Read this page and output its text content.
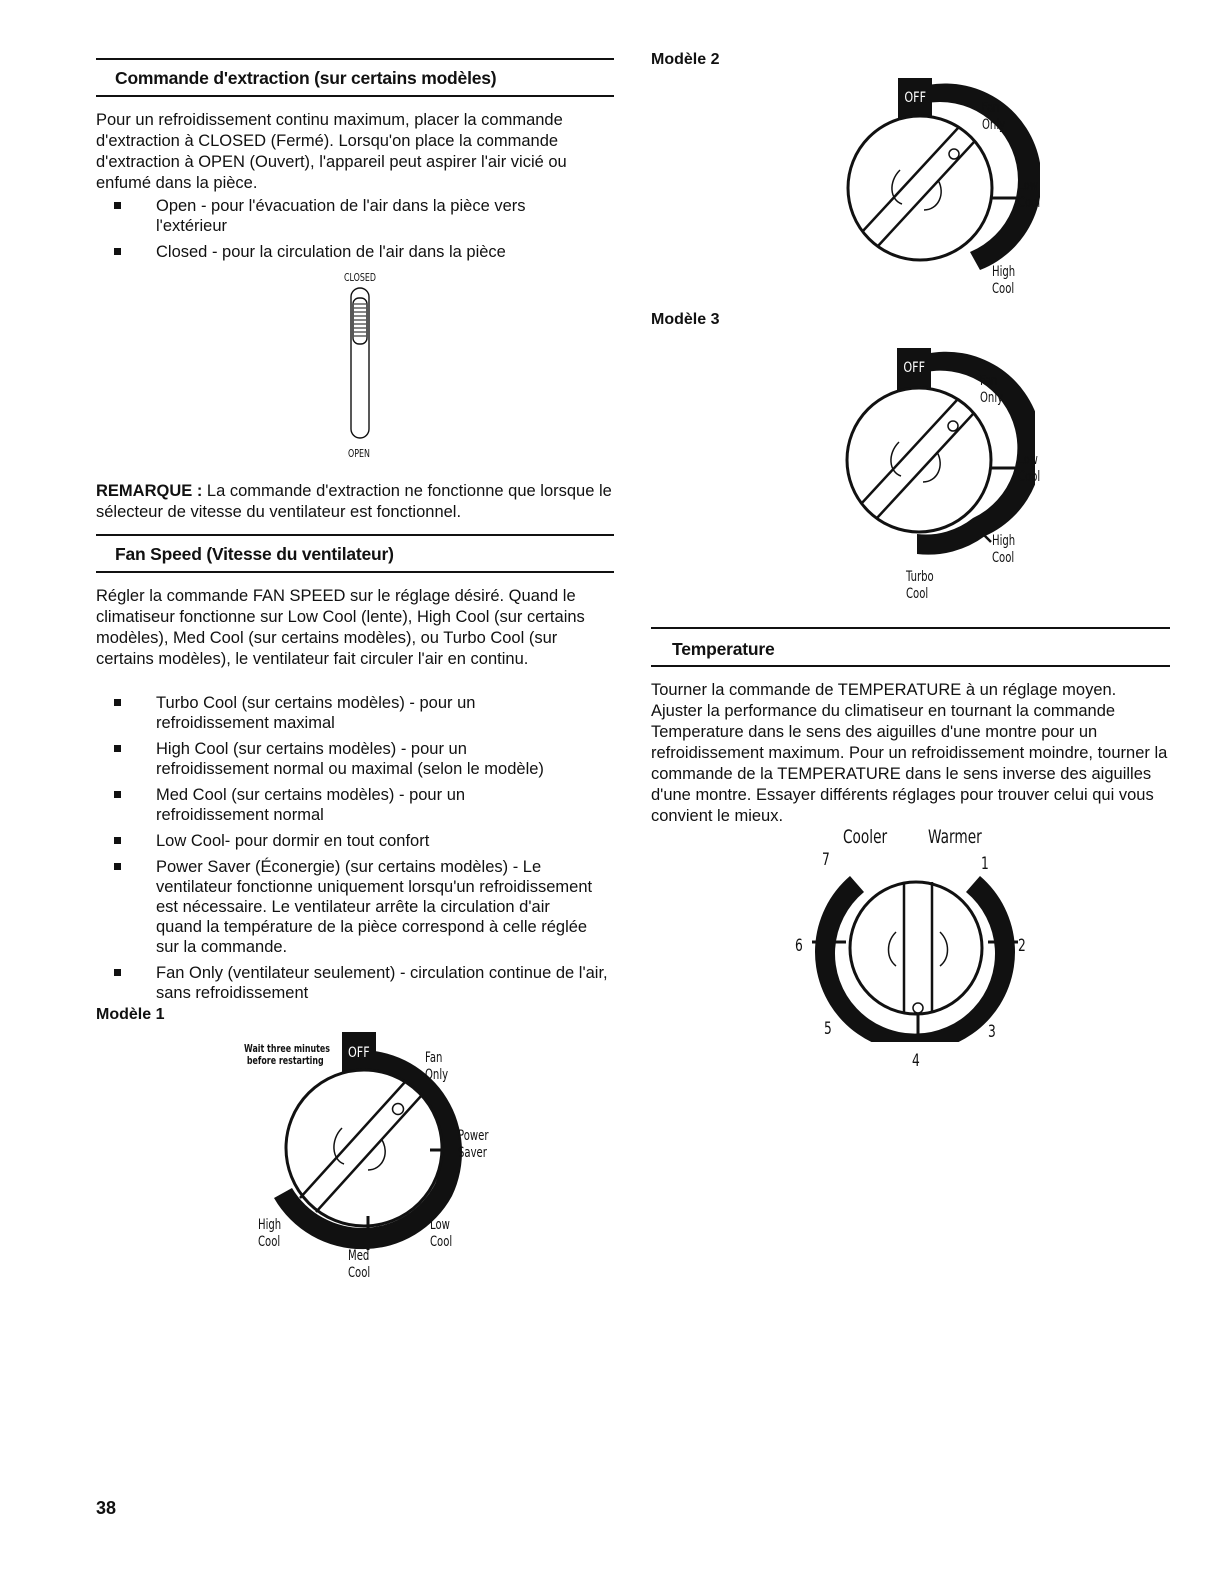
Commande d'extraction (sur certains modèles)

Pour un refroidissement continu maximum, placer la commande d'extraction à CLOSED (Fermé). Lorsqu'on place la commande d'extraction à OPEN (Ouvert), l'appareil peut aspirer l'air vicié ou enfumé dans la pièce.

Open - pour l'évacuation de l'air dans la pièce vers l'extérieur
Closed - pour la circulation de l'air dans la pièce
CLOSED
OPEN

REMARQUE : La commande d'extraction ne fonctionne que lorsque le sélecteur de vitesse du ventilateur est fonctionnel.

Fan Speed (Vitesse du ventilateur)

Régler la commande FAN SPEED sur le réglage désiré. Quand le climatiseur fonctionne sur Low Cool (lente), High Cool (sur certains modèles), Med Cool (sur certains modèles), ou Turbo Cool (sur certains modèles), le ventilateur fait circuler l'air en continu.

Turbo Cool (sur certains modèles) - pour un refroidissement maximal
High Cool (sur certains modèles) - pour un refroidissement normal ou maximal (selon le modèle)
Med Cool (sur certains modèles) - pour un refroidissement normal
Low Cool- pour dormir en tout confort
Power Saver (Éconergie) (sur certains modèles) - Le ventilateur fonctionne uniquement lorsqu'un refroidissement est nécessaire. Le ventilateur arrête la circulation d'air quand la température de la pièce correspond à celle réglée sur la commande.
Fan Only (ventilateur seulement) - circulation continue de l'air, sans refroidissement
Modèle 1
OFF
Wait three minutes
before restarting	Fan
Only
Power
Saver
Low
Cool
Med
Cool
High
Cool
38
Modèle 2
OFF
Fan
Only
Low
Cool
High
Cool
Modèle 3
OFF
Fan
Only
Low
Cool
High
Cool
Turbo
Cool
Temperature

Tourner la commande de TEMPERATURE à un réglage moyen. Ajuster la performance du climatiseur en tournant la commande Temperature dans le sens des aiguilles d'une montre pour un refroidissement maximum. Pour un refroidissement moindre, tourner la commande de la TEMPERATURE dans le sens inverse des aiguilles d'une montre. Essayer différents réglages pour trouver celui qui vous convient le mieux.

Cooler Warmer
7	1
6	2
5	3
4
